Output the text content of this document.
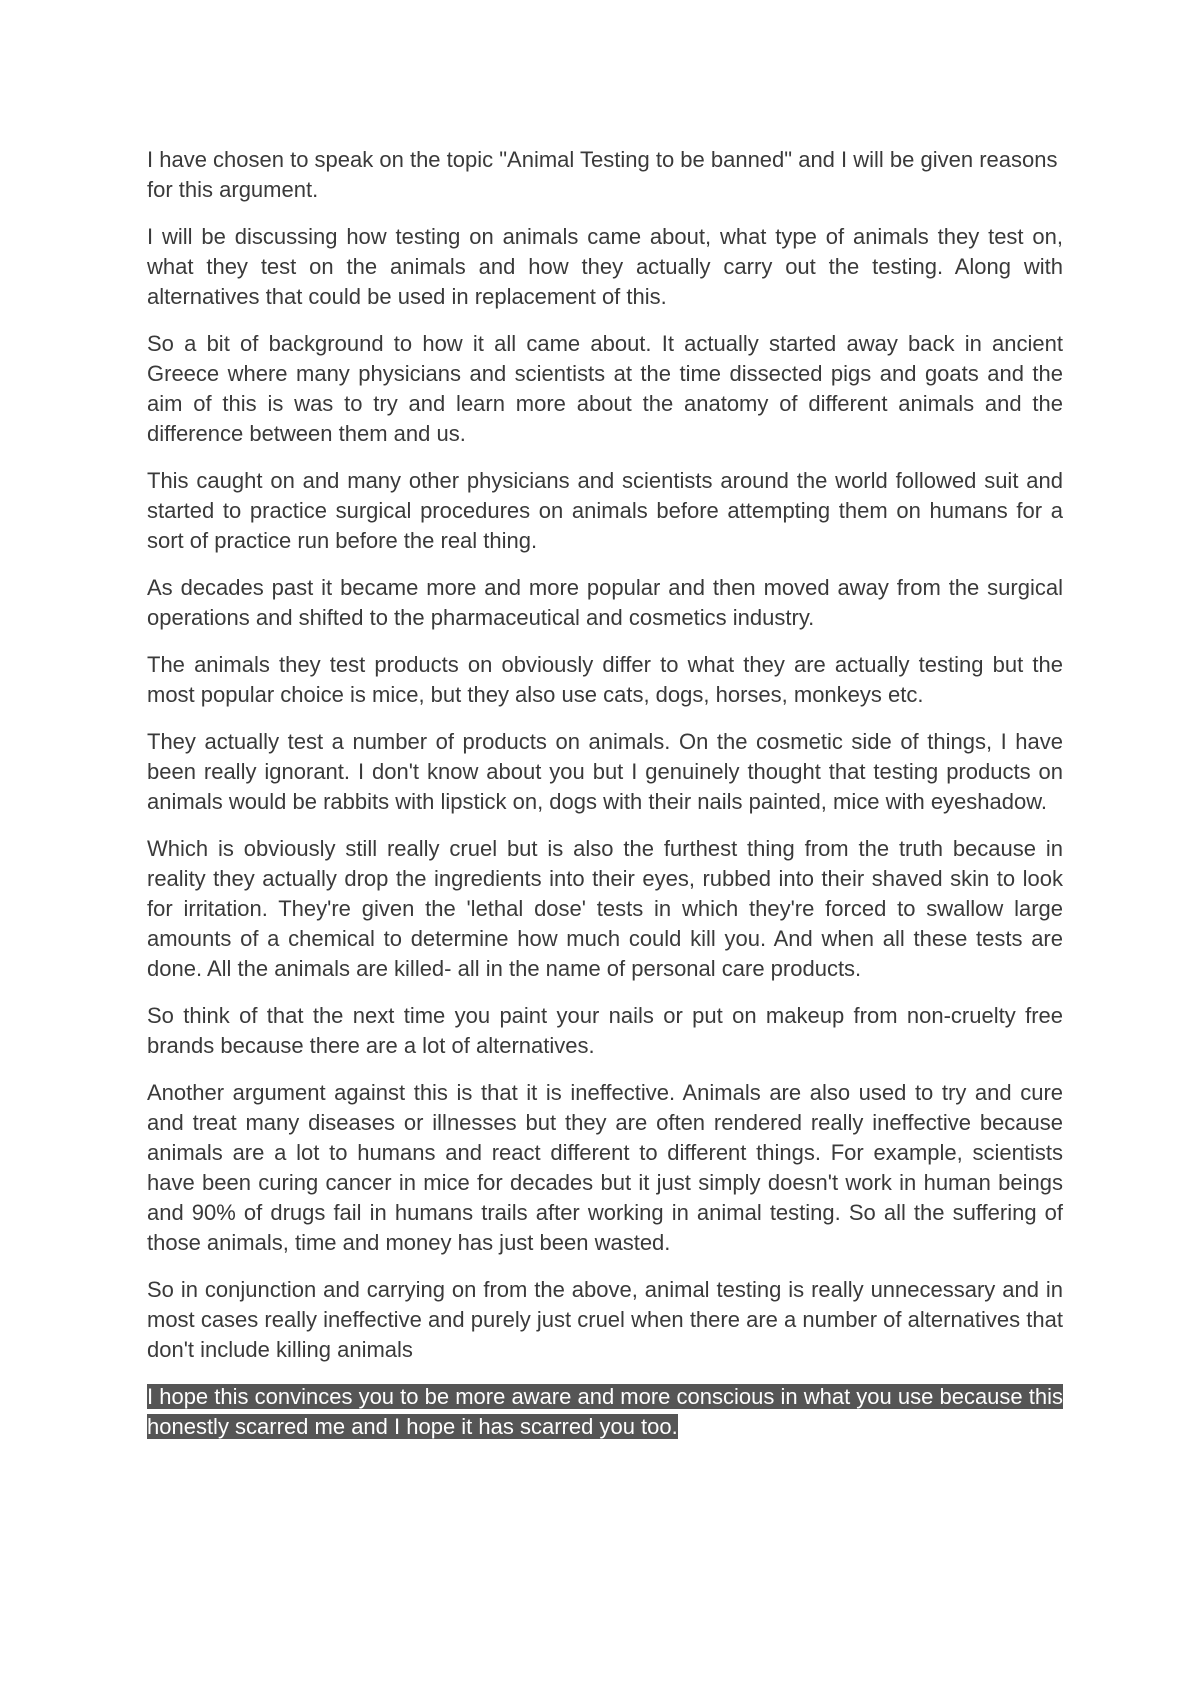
I have chosen to speak on the topic "Animal Testing to be banned" and I will be given reasons for this argument.

I will be discussing how testing on animals came about, what type of animals they test on, what they test on the animals and how they actually carry out the testing. Along with alternatives that could be used in replacement of this.

So a bit of background to how it all came about. It actually started away back in ancient Greece where many physicians and scientists at the time dissected pigs and goats and the aim of this is was to try and learn more about the anatomy of different animals and the difference between them and us.

This caught on and many other physicians and scientists around the world followed suit and started to practice surgical procedures on animals before attempting them on humans for a sort of practice run before the real thing.

As decades past it became more and more popular and then moved away from the surgical operations and shifted to the pharmaceutical and cosmetics industry.

The animals they test products on obviously differ to what they are actually testing but the most popular choice is mice, but they also use cats, dogs, horses, monkeys etc.

They actually test a number of products on animals. On the cosmetic side of things, I have been really ignorant. I don't know about you but I genuinely thought that testing products on animals would be rabbits with lipstick on, dogs with their nails painted, mice with eyeshadow.

Which is obviously still really cruel but is also the furthest thing from the truth because in reality they actually drop the ingredients into their eyes, rubbed into their shaved skin to look for irritation. They're given the 'lethal dose' tests in which they're forced to swallow large amounts of a chemical to determine how much could kill you. And when all these tests are done. All the animals are killed- all in the name of personal care products.

So think of that the next time you paint your nails or put on makeup from non-cruelty free brands because there are a lot of alternatives.

Another argument against this is that it is ineffective. Animals are also used to try and cure and treat many diseases or illnesses but they are often rendered really ineffective because animals are a lot to humans and react different to different things. For example, scientists have been curing cancer in mice for decades but it just simply doesn't work in human beings and 90% of drugs fail in humans trails after working in animal testing. So all the suffering of those animals, time and money has just been wasted.

So in conjunction and carrying on from the above, animal testing is really unnecessary and in most cases really ineffective and purely just cruel when there are a number of alternatives that don't include killing animals

I hope this convinces you to be more aware and more conscious in what you use because this honestly scarred me and I hope it has scarred you too.
